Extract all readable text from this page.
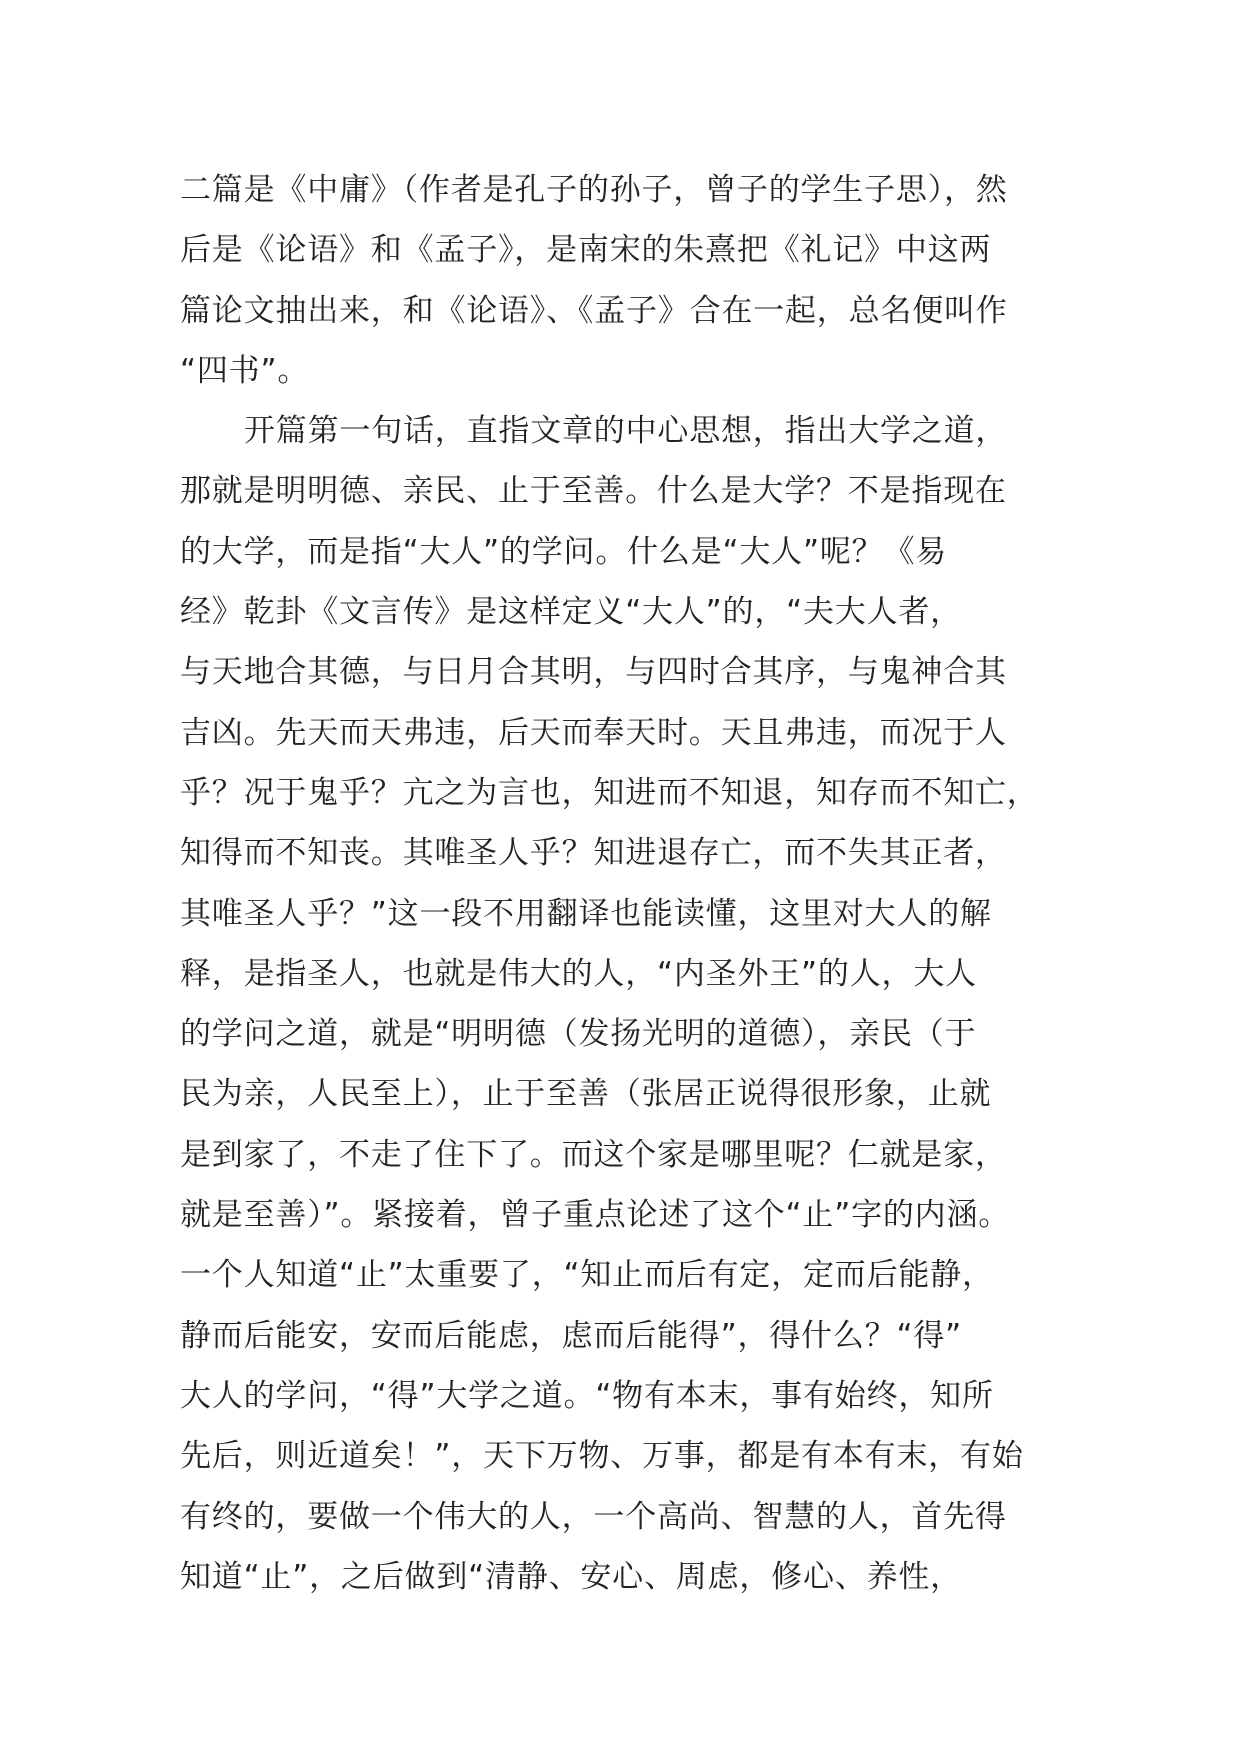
二篇是《中庸》（作者是孔子的孙子，曾子的学生子思），然
后是《论语》和《孟子》，是南宋的朱熹把《礼记》中这两
篇论文抽出来，和《论语》、《孟子》合在一起，总名便叫作
“四书”。
开篇第一句话，直指文章的中心思想，指出大学之道，
那就是明明德、亲民、止于至善。什么是大学？不是指现在
的大学，而是指“大人”的学问。什么是“大人”呢？《易
经》乾卦《文言传》是这样定义“大人”的，“夫大人者，
与天地合其德，与日月合其明，与四时合其序，与鬼神合其
吉凶。先天而天弗违，后天而奉天时。天且弗违，而况于人
乎？况于鬼乎？亢之为言也，知进而不知退，知存而不知亡，
知得而不知丧。其唯圣人乎？知进退存亡，而不失其正者，
其唯圣人乎？”这一段不用翻译也能读懂，这里对大人的解
释，是指圣人，也就是伟大的人，“内圣外王”的人，大人
的学问之道，就是“明明德（发扬光明的道德），亲民（于
民为亲，人民至上），止于至善（张居正说得很形象，止就
是到家了，不走了住下了。而这个家是哪里呢？仁就是家，
就是至善）”。紧接着，曾子重点论述了这个“止”字的内涵。
一个人知道“止”太重要了，“知止而后有定，定而后能静，
静而后能安，安而后能虑，虑而后能得”，得什么？“得”
大人的学问，“得”大学之道。“物有本末，事有始终，知所
先后，则近道矣！”，天下万物、万事，都是有本有末，有始
有终的，要做一个伟大的人，一个高尚、智慧的人，首先得
知道“止”，之后做到“清静、安心、周虑，修心、养性，
